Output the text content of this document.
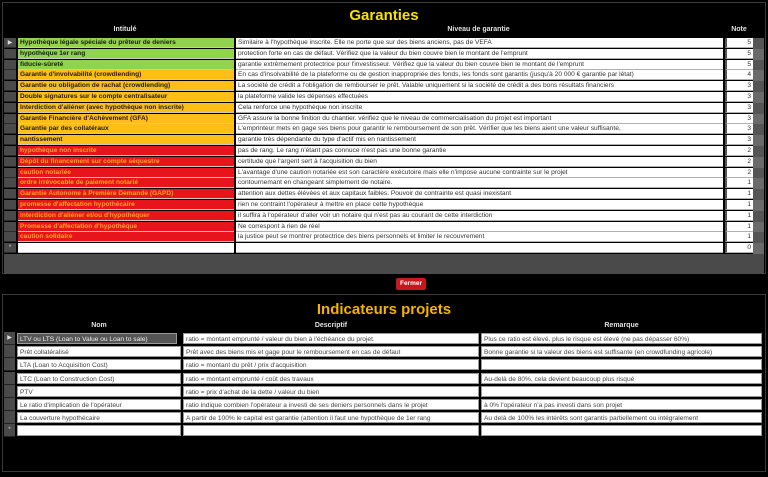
Garanties
Intitulé	Niveau de garantie	Note
▶	Hypothèque légale spéciale du prêteur de deniers	Similaire à l'hypothèque inscrite. Elle ne porte que sur des biens anciens, pas de VEFA	5
hypothèque 1er rang	protection forte en cas de défaut. Vérifiez que la valeur du bien couvre bien le montant de l'emprunt	5
fiducie-sûreté	garantie extrêmement protectrice pour l'investisseur. Vérifiez que la valeur du bien couvre bien le montant de l'emprunt	5
Garantie d'involvabilité (crowdlending)	En cas d'insolvabilité de la plateforme ou de gestion inappropriée des fonds, les fonds sont garantis (jusqu'à 20 000 € garantie par létat)	4
Garantie ou obligation de rachat (crowdlending)	La société de crédit a l'obligation de rembourser le prêt. Valable uniquement si la société de crédit a des bons résultats financiers	3
Double signatures sur le compte centralisateur	la plateforme valide les dépenses effectuées	3
Interdiction d'aliéner (avec hypothèque non inscrite)	Cela renforce une hypothèque non inscrite	3
Garantie Financière d'Achèvement (GFA)	GFA assure la bonne finition du chantier. vérifiez que le niveau de commercialisation du projet est important	3
Garantie par des collatéraux	L'emprinteur mets en gage ses biens pour garantir le remboursement de son prêt. Vérifier que les biens aient une valeur suffisante,	3
nantissement	garantie très dépendante du type d'actif mis en nantissement	3
hypothèque non inscrite	pas de rang. Le rang n'étant pas connuce n'est pas une bonne garantie	2
Dépôt du financement sur compte séquestre	certitude que l'argent sert à l'acquisition du bien	2
caution notariée	L'avantage d'une caution notariée est son caractère exécutoire mais elle n'impose aucune contrainte sur le projet	2
ordre irrévocable de paiement notarié	contournemant en changeant simplement de notaire.	1
Garantie Autonome à Première Demande (GAPD)	attention aux dettes élévées et aux capitaux faibles. Pouvoir de contrainte est quasi inexistant	1
promesse d'affectation hypothécaire	rien ne contraint l'opérateur à mettre en place cette hypothèque	1
interdiction d'aliéner et/ou d'hypothéquer	il suffira à l'opérateur d'aller voir un notaire qui n'est pas au courant de cette interdiction	1
Promesse d'affectation d'hypothèque	Ne correspont à rien de réel	1
caution solidaire	la justice peut se montrer protectrice des biens personnels et limiter le recouvrement	1
*	0
Fermer
Indicateurs projets
Nom	Descriptif	Remarque
▶	LTV ou LTS (Loan to Value ou Loan to sale)	ratio = montant emprunté / valeur du bien à l'échéance du projet.	Plus ce ratio est élevé, plus le risque est élevé (ne pas dépasser 60%)
Prêt collatéralisé	Prêt avec des biens mis et gage pour le remboursement en cas de défaut	Bonne garantie si la valeur des biens est suffisante (en crowdfunding agricole)
LTA (Loan to Acquisition Cost)	ratio = montant du prêt / prix d'acquisition
LTC (Loan to Construction Cost)	ratio = montant emprunté / coût des travaux	Au-delà de 80%, cela devient beaucoup plus risqué
PTV	ratio = prix d'achat de la dette / valeur du bien
Le ratio d'implication de l'opérateur	ratio indique combien l'opérateur a investi de ses deniers personnels dans le projet	à 0% l'opérateur n'a pas investi dans son projet
La couverture hypothécaire	A partir de 100% le capital est garantie (attention il faut une hypothèque de 1er rang	Au delà de 100% les intérêts sont garantis partiellement ou intégralement
*
